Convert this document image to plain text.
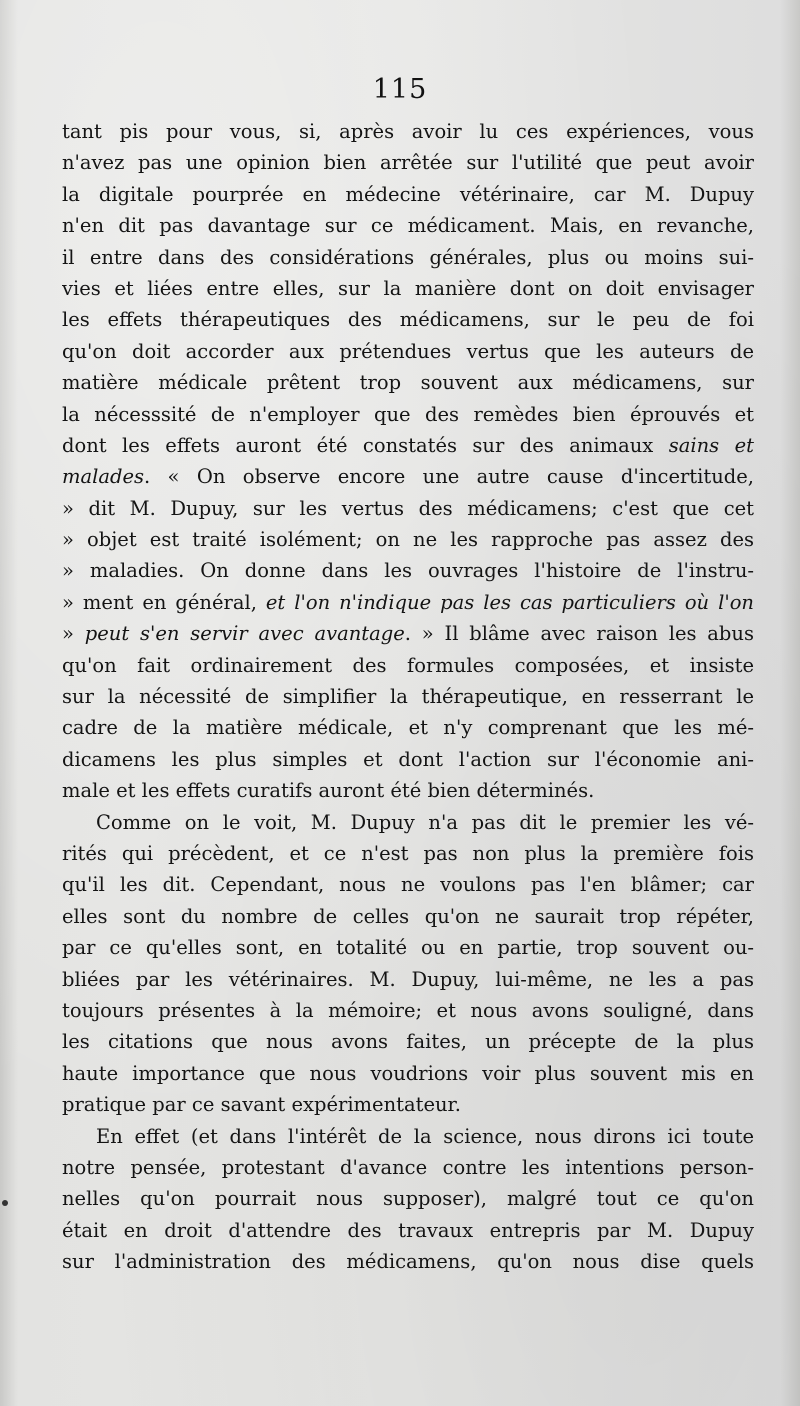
115
tant pis pour vous, si, après avoir lu ces expériences, vous
n'avez pas une opinion bien arrêtée sur l'utilité que peut avoir
la digitale pourprée en médecine vétérinaire, car M. Dupuy
n'en dit pas davantage sur ce médicament. Mais, en revanche,
il entre dans des considérations générales, plus ou moins sui-
vies et liées entre elles, sur la manière dont on doit envisager
les effets thérapeutiques des médicamens, sur le peu de foi
qu'on doit accorder aux prétendues vertus que les auteurs de
matière médicale prêtent trop souvent aux médicamens, sur
la nécesssité de n'employer que des remèdes bien éprouvés et
dont les effets auront été constatés sur des animaux sains et
malades. « On observe encore une autre cause d'incertitude,
» dit M. Dupuy, sur les vertus des médicamens; c'est que cet
» objet est traité isolément; on ne les rapproche pas assez des
» maladies. On donne dans les ouvrages l'histoire de l'instru-
» ment en général, et l'on n'indique pas les cas particuliers où l'on
» peut s'en servir avec avantage. » Il blâme avec raison les abus
qu'on fait ordinairement des formules composées, et insiste
sur la nécessité de simplifier la thérapeutique, en resserrant le
cadre de la matière médicale, et n'y comprenant que les mé-
dicamens les plus simples et dont l'action sur l'économie ani-
male et les effets curatifs auront été bien déterminés.
Comme on le voit, M. Dupuy n'a pas dit le premier les vé-
rités qui précèdent, et ce n'est pas non plus la première fois
qu'il les dit. Cependant, nous ne voulons pas l'en blâmer; car
elles sont du nombre de celles qu'on ne saurait trop répéter,
par ce qu'elles sont, en totalité ou en partie, trop souvent ou-
bliées par les vétérinaires. M. Dupuy, lui-même, ne les a pas
toujours présentes à la mémoire; et nous avons souligné, dans
les citations que nous avons faites, un précepte de la plus
haute importance que nous voudrions voir plus souvent mis en
pratique par ce savant expérimentateur.
En effet (et dans l'intérêt de la science, nous dirons ici toute
notre pensée, protestant d'avance contre les intentions person-
nelles qu'on pourrait nous supposer), malgré tout ce qu'on
était en droit d'attendre des travaux entrepris par M. Dupuy
sur l'administration des médicamens, qu'on nous dise quels
